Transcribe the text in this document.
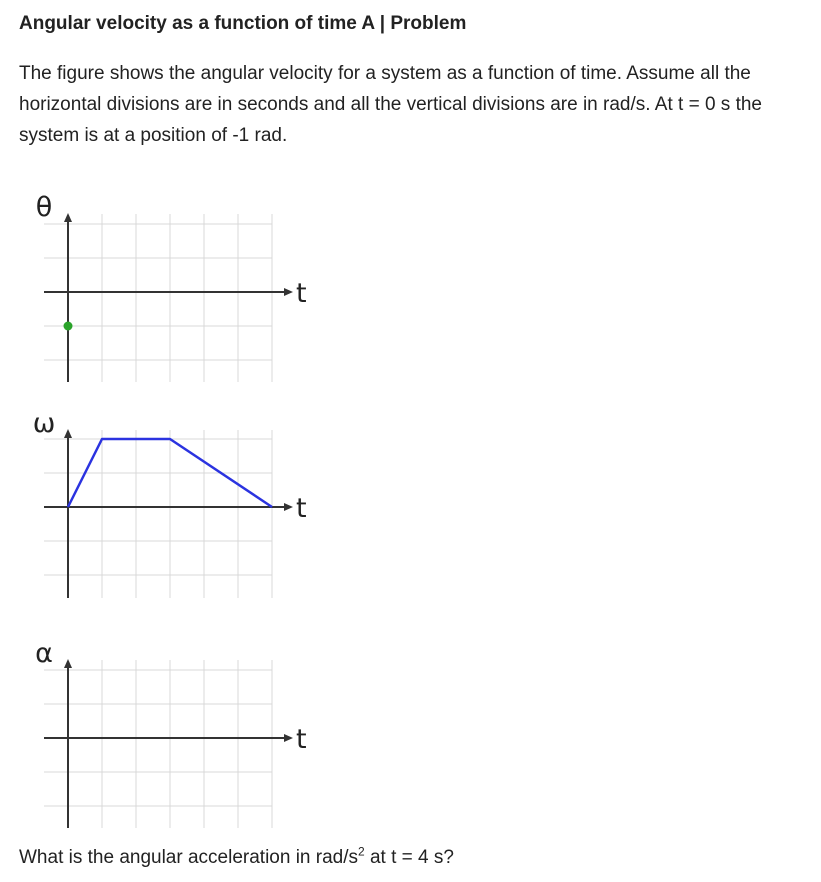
Angular velocity as a function of time A | Problem
The figure shows the angular velocity for a system as a function of time. Assume all the horizontal divisions are in seconds and all the vertical divisions are in rad/s. At t = 0 s the system is at a position of -1 rad.
θ
t
ω
t
α
t
What is the angular acceleration in rad/$s^2$ at t = 4 s?
